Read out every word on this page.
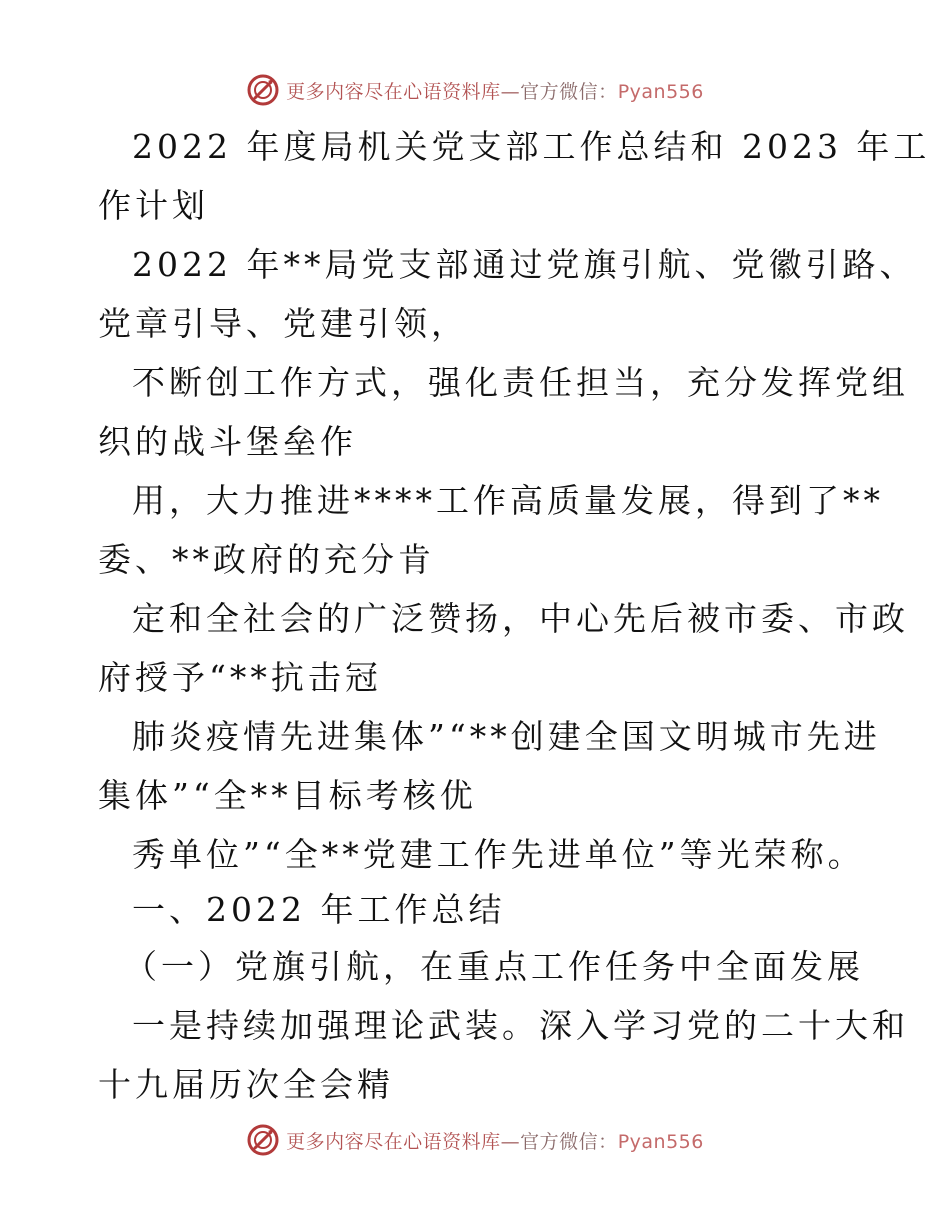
更多内容尽在心语资料库—官方微信：Pyan556
2022 年度局机关党支部工作总结和 2023 年工
作计划
2022 年**局党支部通过党旗引航、党徽引路、
党章引导、党建引领，
不断创工作方式，强化责任担当，充分发挥党组
织的战斗堡垒作
用，大力推进****工作高质量发展，得到了**
委、**政府的充分肯
定和全社会的广泛赞扬，中心先后被市委、市政
府授予“**抗击冠
肺炎疫情先进集体”“**创建全国文明城市先进
集体”“全**目标考核优
秀单位”“全**党建工作先进单位”等光荣称。
一、2022 年工作总结
（一）党旗引航，在重点工作任务中全面发展
一是持续加强理论武装。深入学习党的二十大和
十九届历次全会精
更多内容尽在心语资料库—官方微信：Pyan556
